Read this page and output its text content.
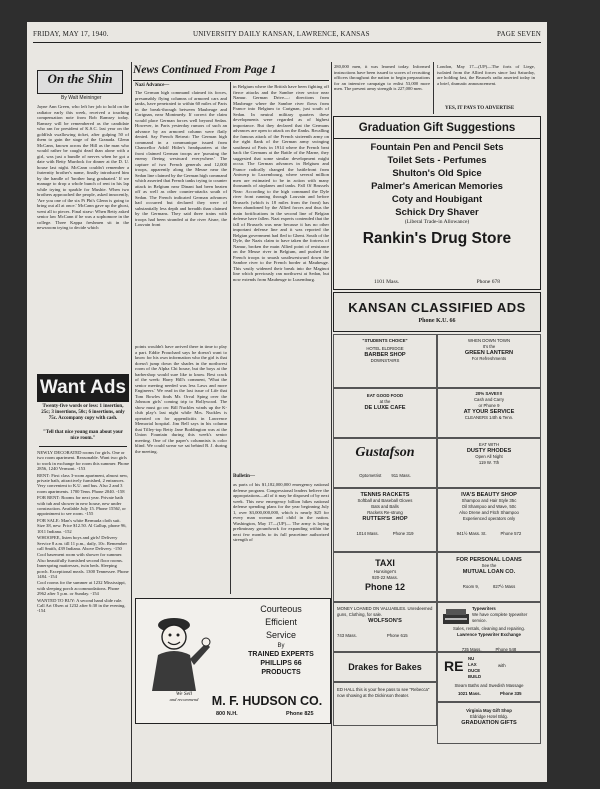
FRIDAY, MAY 17, 1940.	UNIVERSITY DAILY KANSAN, LAWRENCE, KANSAS	PAGE SEVEN
On the Shin
By Walt Meininger
Jayne Ann Green, who left her job to hold on the radiator early this week, received a touching compensation note from Bob Ramsey today. Ramsey will be remembered as the candidate who ran for president of K.S.C. last year on the goldfish swallowing ticket, after gulping 50 of them to gain the stage of the Granada. Glenn McCann, known across the Hill as the man who would rather be caught dead than alone with a girl, was just a bundle of nerves when he got a date with Betty Murdock for dinner at the D. U. house last night. McCann couldn't remember a fraternity brother's name, finally introduced him by the handle of 'brother lung graduated.' If we manage to drop a whole bunch of rent in his lap while trying to sparkle for Mushie. When two brothers approached the people, asked innocently, 'Are you one of the six Pi Phi's Glenn is going to bring out all at once.' McCann gave up the ghost, went all to pieces. Final straw: When Betty asked senior law McCann if he was a sophomore in the college. Three Kappa freshmen sit in the newsroom trying to decide which
Want Ads
Twenty-five words or less: 1 insertion, 25c; 3 insertions, 50c; 6 insertions, only 75c. Accompany copy with cash.
"Tell that nice young man about your nice room."

NEWLY DECORATED rooms for girls. One or two room apartment. Reasonable. Want two girls to work in exchange for room this summer. Phone 2856, 1240 Vermont. -153

RENT: First class 3-room apartment, almost new, private bath, attractively furnished, 2 entrances. Very convenient to K.U. and bus. Also 2 and 3 room apartments. 1700 Tenn. Phone 2040. -158

FOR RENT: Rooms for next year. Private bath with tub and shower in new house, new under construction. Available July 15. Phone 1556J, or appointment to see room. -155

FOR SALE: Man's white Bermuda cloth suit. Size 38, new. Price $12.50. Al Gallup, phone 96, 1011 Indiana. -152

WHOOPEE, listen boys and girls! Delivery Service 8 a.m. till 11 p.m., daily, 10c. Remember call Smith, 439 Indiana. Above Delivery. -150

Cool basement room with shower for summer. Also beautifully furnished second floor rooms. Innerspring mattresses, twin beds. Sleeping porch. Exceptional meals. 1300 Tennessee. Phone 1484. -154

Cool rooms for the summer at 1232 Mississippi, with sleeping porch accommodations. Phone 2962 after 5 p.m. or Sunday. -154

WANTED TO BUY: A second hand slide rule. Call Art Olsen at 1232 after 6:30 in the evening. -154

News Continued From Page 1
Nazi Advance—
The German high command claimed its forces, presumably flying columns of armored cars and tanks, have penetrated to within 60 miles of Paris in the break-through between Maubeuge and Carignan, near Montmedy. If correct the claim would place German forces well beyond Sedan. However, in Paris yesterday rumors of such an advance by an armored column were flatly denied. Say French Retreat: The German high command in a communique issued from Chancellor Adolf Hitler's headquarters at the front claimed German troops are 'pursuing the enemy fleeing westward everywhere.' The capture of two French generals and 12,000 troops, apparently along the Meuse near the Sedan line claimed by the German high command which asserted that French tanks trying to counter attack in Belgium near Dinant had been beaten off as well as other counter-attacks south of Sedan. The French indicated German advances had occurred but declared they were of substantially less depth and breadth than claimed by the Germans. They said three trains with troops had been stranded at the river Aisne, the Louvain front
points wouldn't have arrived there in time to play a part. Eddie Prouchard says he doesn't want to know for his own information who the girl is that doesn't jump down the shades in the northwest room of the Alpha Chi house, but the boys at the barbershop would sure like to know. Best crack of the week: Harry Hill's comment, 'What the senior meeting needed was less Laws and more Engineers.' We read in the last issue of Life that Tom Bowles finds Mr. Orval Sping over the Johnson girls' coming trip to Hollywood. The show must go on: Bill Nuckles winds up the K-club play's last night while Mrs. Nuckles is operated on for appendicitis in Lawrence Memorial hospital. Jim Bell says in his column that Tilley-top Betty Jane Boddington was at the Union Fountain during this week's senior meeting. One of the paper's columnists is color blind. We could swear we sat behind B. J. during the meeting.
in Belgium where the British have been fighting off fierce attacks and the Sambre river sector near Namur. German Drive—: directions from Maubeuge where the Sambre river flows from France into Belgium to Carignan, just south of Sedan. In neutral military quarters these developments were regarded as of highest importance. But they declared that the Germans advances are open to attack on the flanks. Recalling the famous attack of the French sixteenth army on the right flank of the German army swinging southeast of Paris in 1914 where the French beat back the Germans at the Battle of the Marne, they suggested that some similar development might occur. The German advances in Belgium and France radically changed the battlefront from Antwerp to Luxembourg, where several million men are estimated to be in action with many thousands of airplanes and tanks. Fall Of Brussels Near: According to the high command the Dyle river front running through Louvain and before Brussels (which is 18 miles from the front) has been abandoned by the Allied forces and thus the main fortifications in the second line of Belgian defense have fallen. Nazi experts contended that the fall of Brussels was near because it has no other important defense line and it was reported the Belgian government had fled to Ghent. South of the Dyle, the Nazis claim to have taken the fortress of Namur, broken the main Allied point of resistance on the Meuse river in Belgium, and pushed the French troops to smash southwestward down the Sambre river to the French border at Maubeuge. This vastly widened their break into the Maginot line which previously ran northwest at Sedan, but now extends from Maubeuge to Luxemburg.
Bulletin—
as parts of his $1,182,000,000 emergency national defense program. Congressional leaders believe the appropriations—all of it may be disposed of by next week. This new emergency billion hikes national defense spending plans for the year beginning July 1, over $3,000,000,000, which is nearly $25 for every man woman and child in the nation. Washington, May 17—(UP)— The army is laying preliminary groundwork for expanding within the next few months to its full peacetime authorized strength of
We Sell
and recommend
Courteous
Efficient
Service
By
TRAINED EXPERTS
PHILLIPS 66
PRODUCTS
M. F. HUDSON CO.
800 N.H.	Phone 825
280,000 men, it was learned today. Informed instructions have been issued to scores of recruiting officers throughout the nation to begin preparations for an intensive campaign to enlist 53,000 more men. The present army strength is 227,000 men.
London, May 17—(UP)—The forts of Liege, isolated from the Allied forces since last Saturday, are holding fast, the Brussels radio asserted today in a brief, dramatic announcement.
YES, IT PAYS TO ADVERTISE
Graduation Gift Suggestions
Fountain Pen and Pencil Sets
Toilet Sets - Perfumes
Shulton's Old Spice
Palmer's American Memories
Coty and Houbigant
Schick Dry Shaver
(Liberal Trade-in Allowance)
Rankin's Drug Store
1101 Mass.	Phone 678
KANSAN CLASSIFIED ADS
Phone K.U. 66
"STUDENTS CHOICE"
HOTEL ELDRIDGE
BARBER SHOP
DOWNSTAIRS
WHEN DOWN TOWN
It's the
GREEN LANTERN
For Refreshments
EAT GOOD FOOD
at the
DE LUXE CAFE
20% SAVE!!!!
Cash and Carry
or Phone 9
AT YOUR SERVICE
CLEANERS 14th & Tenn.
Gustafson
Optometrist 911 Mass.
EAT WITH
DUSTY RHODES
Open All Night
119 W. 7th
TENNIS RACKETS
Softball and Baseball Gloves
Bats and Balls
Rackets Re-strung
RUTTER'S SHOP
1014 Mass.	Phone 319
IVA'S BEAUTY SHOP
Shampoo and Hair Style 35c
Oil Shampoo and Wave, 50c
Also Drene and Fitch Shampoo
Experienced operators only
941½ Mass. St.	Phone 572
TAXI
Hunsinger's
920-22 Mass.
Phone 12
FOR PERSONAL LOANS
See the
MUTUAL LOAN CO.
Room 9,	827½ Mass
MONEY LOANED ON VALUABLES. Unredeemed guns, Clothing, for sale.
WOLFSON'S
743 Mass.	Phone 615
Typewriters
We have complete typewriter service.
Sales, rentals, cleaning and repairing.
Lawrence Typewriter Exchange
735 Mass.	Phone 548
Drakes for Bakes	RE NU
LAX
DUCE
BUILD
with
Steam Baths and Swedish Massage
1021 Mass.	Phone 335
ED HALL this is your free pass to see "Rebecca" now showing at the Dickinson theater.
Virginia May Gift Shop
Eldridge Hotel Bldg.
GRADUATION GIFTS
